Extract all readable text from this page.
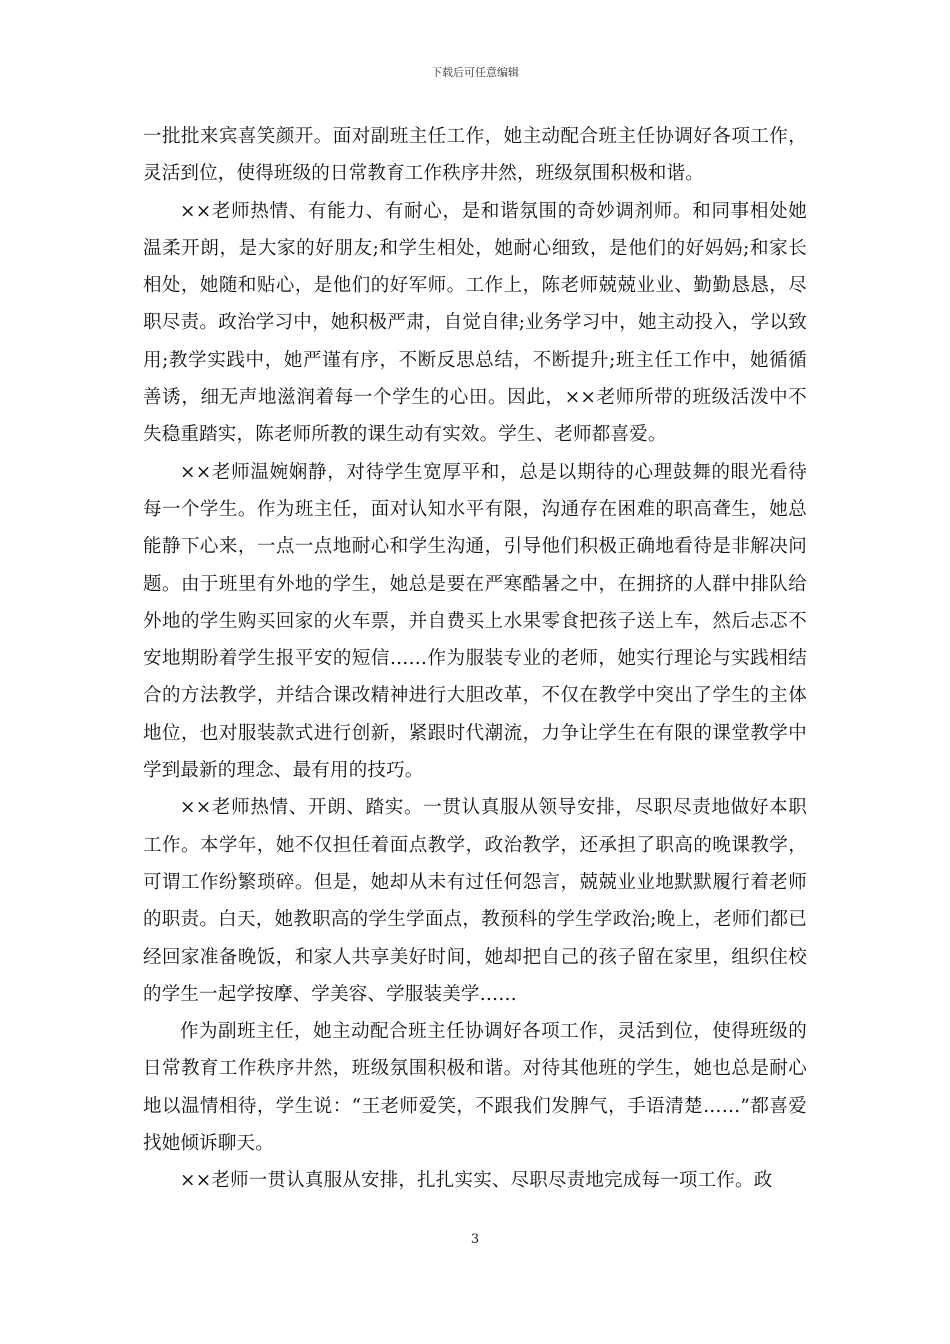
下载后可任意编辑

一批批来宾喜笑颜开。面对副班主任工作，她主动配合班主任协调好各项工作，灵活到位，使得班级的日常教育工作秩序井然，班级氛围积极和谐。

××老师热情、有能力、有耐心，是和谐氛围的奇妙调剂师。和同事相处她温柔开朗，是大家的好朋友;和学生相处，她耐心细致，是他们的好妈妈;和家长相处，她随和贴心，是他们的好军师。工作上，陈老师兢兢业业、勤勤恳恳，尽职尽责。政治学习中，她积极严肃，自觉自律;业务学习中，她主动投入，学以致用;教学实践中，她严谨有序，不断反思总结，不断提升;班主任工作中，她循循善诱，细无声地滋润着每一个学生的心田。因此，××老师所带的班级活泼中不失稳重踏实，陈老师所教的课生动有实效。学生、老师都喜爱。

××老师温婉娴静，对待学生宽厚平和，总是以期待的心理鼓舞的眼光看待每一个学生。作为班主任，面对认知水平有限，沟通存在困难的职高聋生，她总能静下心来，一点一点地耐心和学生沟通，引导他们积极正确地看待是非解决问题。由于班里有外地的学生，她总是要在严寒酷暑之中，在拥挤的人群中排队给外地的学生购买回家的火车票，并自费买上水果零食把孩子送上车，然后忐忑不安地期盼着学生报平安的短信……作为服装专业的老师，她实行理论与实践相结合的方法教学，并结合课改精神进行大胆改革，不仅在教学中突出了学生的主体地位，也对服装款式进行创新，紧跟时代潮流，力争让学生在有限的课堂教学中学到最新的理念、最有用的技巧。

××老师热情、开朗、踏实。一贯认真服从领导安排，尽职尽责地做好本职工作。本学年，她不仅担任着面点教学，政治教学，还承担了职高的晚课教学，可谓工作纷繁琐碎。但是，她却从未有过任何怨言，兢兢业业地默默履行着老师的职责。白天，她教职高的学生学面点，教预科的学生学政治;晚上，老师们都已经回家准备晚饭，和家人共享美好时间，她却把自己的孩子留在家里，组织住校的学生一起学按摩、学美容、学服装美学……

作为副班主任，她主动配合班主任协调好各项工作，灵活到位，使得班级的日常教育工作秩序井然，班级氛围积极和谐。对待其他班的学生，她也总是耐心地以温情相待，学生说：“王老师爱笑，不跟我们发脾气，手语清楚……”都喜爱找她倾诉聊天。

××老师一贯认真服从安排，扎扎实实、尽职尽责地完成每一项工作。政

3
